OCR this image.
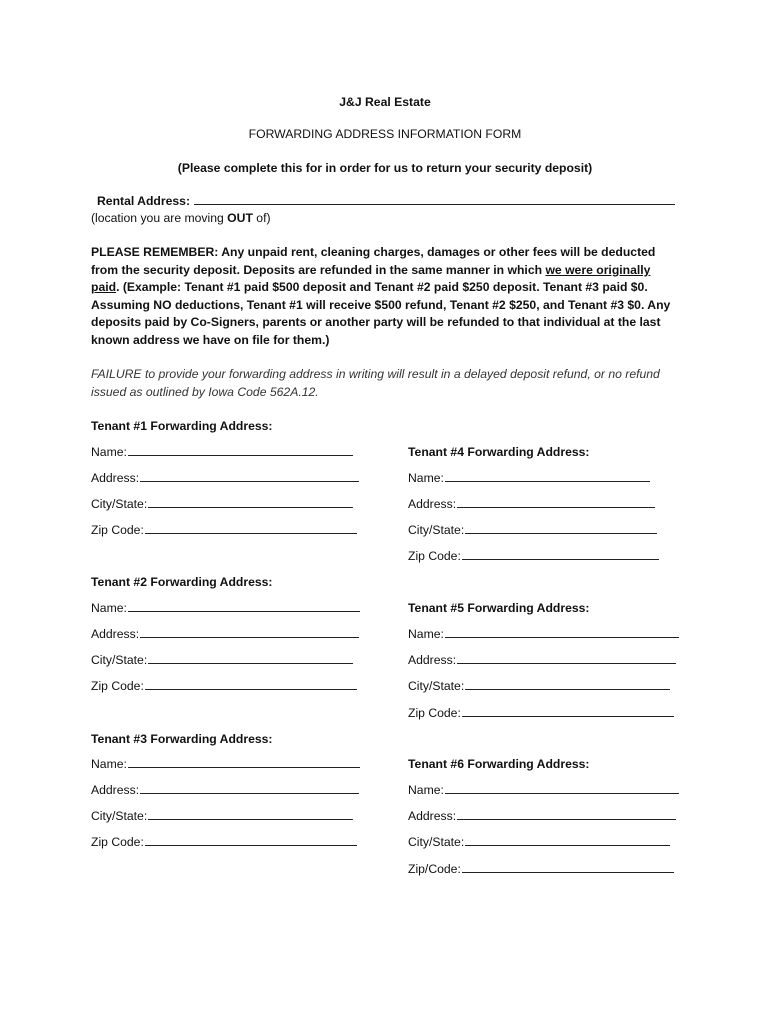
J&J Real Estate
FORWARDING ADDRESS INFORMATION FORM
(Please complete this for in order for us to return your security deposit)
Rental Address:
(location you are moving OUT of)
PLEASE REMEMBER: Any unpaid rent, cleaning charges, damages or other fees will be deducted from the security deposit. Deposits are refunded in the same manner in which we were originally paid. (Example: Tenant #1 paid $500 deposit and Tenant #2 paid $250 deposit. Tenant #3 paid $0. Assuming NO deductions, Tenant #1 will receive $500 refund, Tenant #2 $250, and Tenant #3 $0. Any deposits paid by Co-Signers, parents or another party will be refunded to that individual at the last known address we have on file for them.)
FAILURE to provide your forwarding address in writing will result in a delayed deposit refund, or no refund issued as outlined by Iowa Code 562A.12.
Tenant #1 Forwarding Address:
Name:
Address:
City/State:
Zip Code:
Tenant #2 Forwarding Address:
Name:
Address:
City/State:
Zip Code:
Tenant #3 Forwarding Address:
Name:
Address:
City/State:
Zip Code:
Tenant #4 Forwarding Address:
Name:
Address:
City/State:
Zip Code:
Tenant #5 Forwarding Address:
Name:
Address:
City/State:
Zip Code:
Tenant #6 Forwarding Address:
Name:
Address:
City/State:
Zip/Code:
